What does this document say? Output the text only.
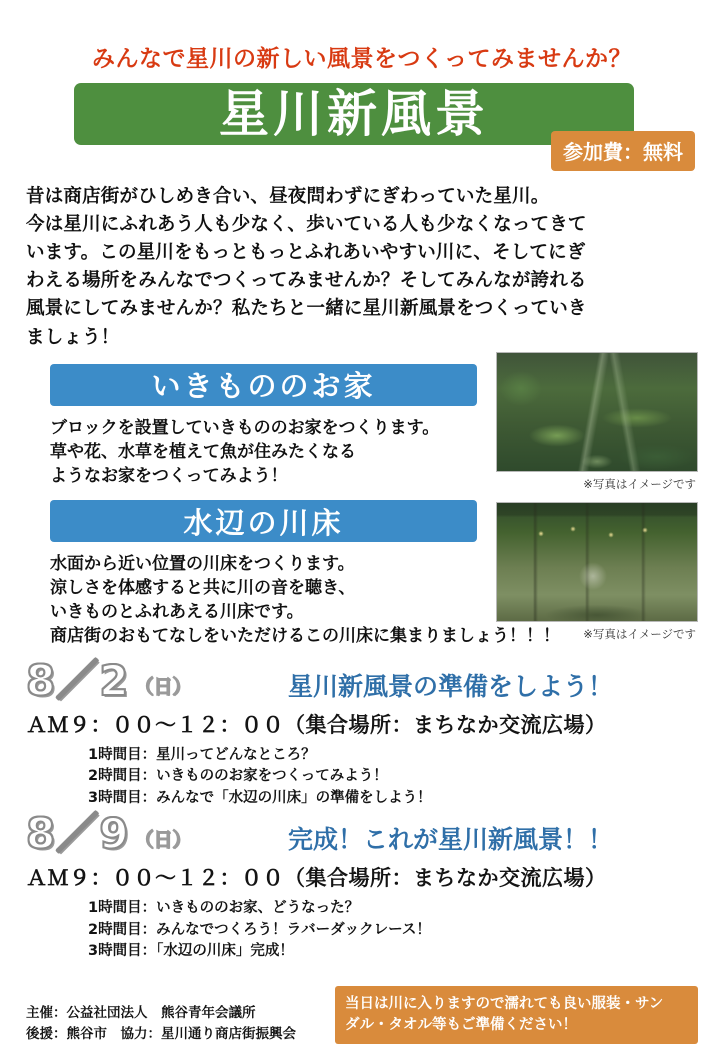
みんなで星川の新しい風景をつくってみませんか？
星川新風景
参加費：無料
昔は商店街がひしめき合い、昼夜問わずにぎわっていた星川。
今は星川にふれあう人も少なく、歩いている人も少なくなってきて
います。この星川をもっともっとふれあいやすい川に、そしてにぎ
わえる場所をみんなでつくってみませんか？そしてみんなが誇れる
風景にしてみませんか？私たちと一緒に星川新風景をつくっていき
ましょう！
いきもののお家
ブロックを設置していきもののお家をつくります。
草や花、水草を植えて魚が住みたくなる
ようなお家をつくってみよう！	※写真はイメージです
水辺の川床
水面から近い位置の川床をつくります。
涼しさを体感すると共に川の音を聴き、
いきものとふれあえる川床です。
商店街のおもてなしをいただけるこの川床に集まりましょう！！！	※写真はイメージです
8／2 （日）	星川新風景の準備をしよう！
ＡＭ９：００〜１２：００（集合場所：まちなか交流広場）
1時間目：星川ってどんなところ？
2時間目：いきもののお家をつくってみよう！
3時間目：みんなで「水辺の川床」の準備をしよう！
8／9 （日）	完成！これが星川新風景！！
ＡＭ９：００〜１２：００（集合場所：まちなか交流広場）
1時間目：いきもののお家、どうなった？
2時間目：みんなでつくろう！ラバーダックレース！
3時間目：「水辺の川床」完成！
主催：公益社団法人　熊谷青年会議所
後援：熊谷市　協力：星川通り商店街振興会
当日は川に入りますので濡れても良い服装・サン
ダル・タオル等もご準備ください！
